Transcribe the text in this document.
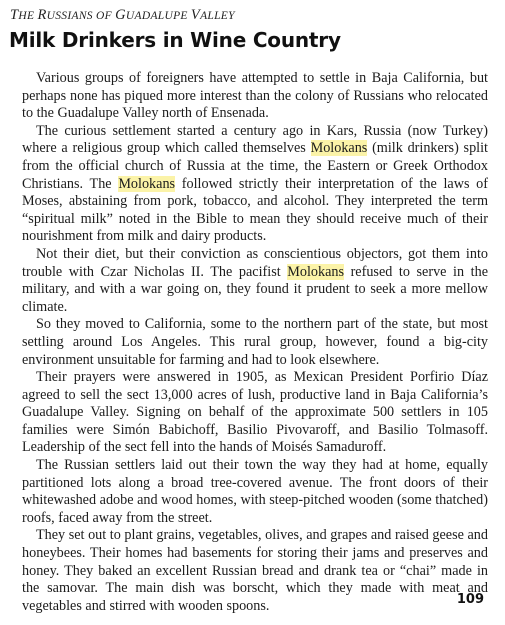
THE RUSSIANS OF GUADALUPE VALLEY
Milk Drinkers in Wine Country

Various groups of foreigners have attempted to settle in Baja California, but perhaps none has piqued more interest than the colony of Russians who relocated to the Guadalupe Valley north of Ensenada.

The curious settlement started a century ago in Kars, Russia (now Turkey) where a religious group which called themselves Molokans (milk drinkers) split from the official church of Russia at the time, the Eastern or Greek Orthodox Christians. The Molokans followed strictly their interpretation of the laws of Moses, abstaining from pork, tobacco, and alcohol. They interpreted the term “spiritual milk” noted in the Bible to mean they should receive much of their nourishment from milk and dairy products.

Not their diet, but their conviction as conscientious objectors, got them into trouble with Czar Nicholas II. The pacifist Molokans refused to serve in the military, and with a war going on, they found it prudent to seek a more mellow climate.

So they moved to California, some to the northern part of the state, but most settling around Los Angeles. This rural group, however, found a big-city environment unsuitable for farming and had to look elsewhere.

Their prayers were answered in 1905, as Mexican President Porfirio Díaz agreed to sell the sect 13,000 acres of lush, productive land in Baja California’s Guadalupe Valley. Signing on behalf of the approximate 500 settlers in 105 families were Simón Babichoff, Basilio Pivovaroff, and Basilio Tolmasoff. Leadership of the sect fell into the hands of Moisés Samaduroff.

The Russian settlers laid out their town the way they had at home, equally partitioned lots along a broad tree-covered avenue. The front doors of their whitewashed adobe and wood homes, with steep-pitched wooden (some thatched) roofs, faced away from the street.

They set out to plant grains, vegetables, olives, and grapes and raised geese and honeybees. Their homes had basements for storing their jams and preserves and honey. They baked an excellent Russian bread and drank tea or “chai” made in the samovar. The main dish was borscht, which they made with meat and vegetables and stirred with wooden spoons.	109
